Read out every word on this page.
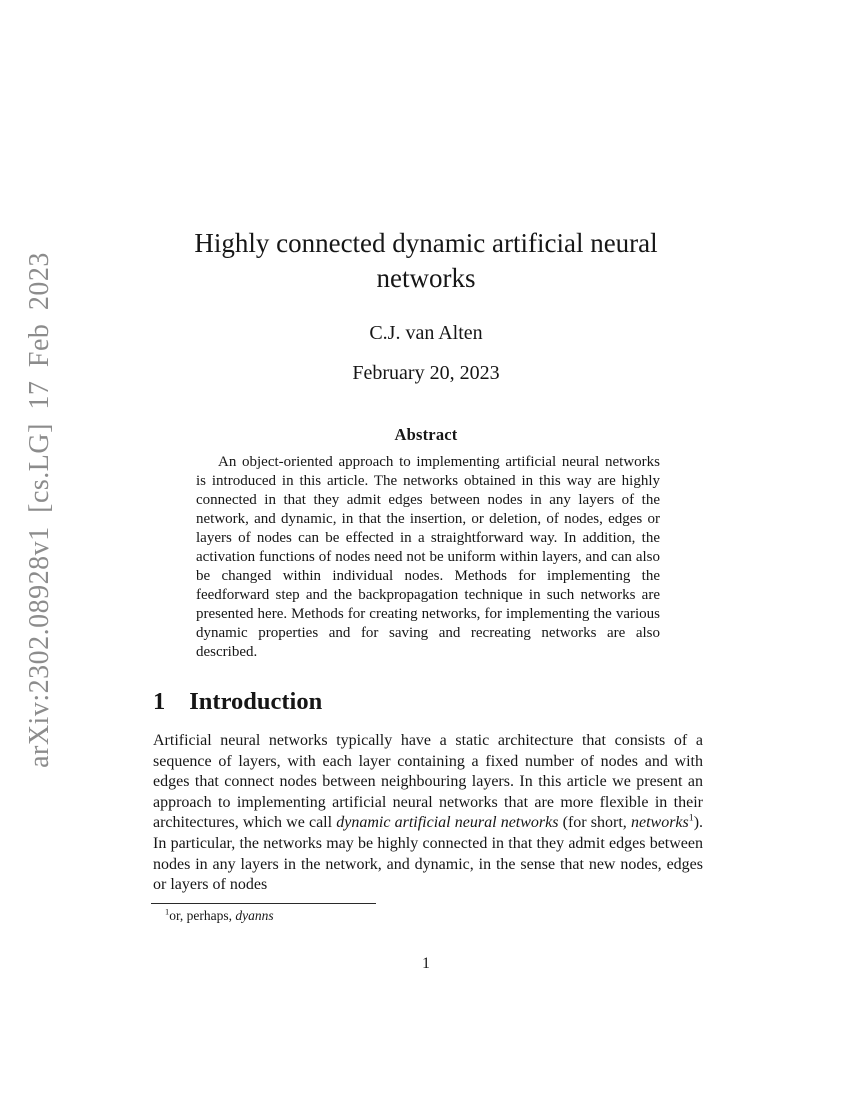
arXiv:2302.08928v1 [cs.LG] 17 Feb 2023
Highly connected dynamic artificial neural networks
C.J. van Alten
February 20, 2023
Abstract

An object-oriented approach to implementing artificial neural networks is introduced in this article. The networks obtained in this way are highly connected in that they admit edges between nodes in any layers of the network, and dynamic, in that the insertion, or deletion, of nodes, edges or layers of nodes can be effected in a straightforward way. In addition, the activation functions of nodes need not be uniform within layers, and can also be changed within individual nodes. Methods for implementing the feedforward step and the backpropagation technique in such networks are presented here. Methods for creating networks, for implementing the various dynamic properties and for saving and recreating networks are also described.

1 Introduction

Artificial neural networks typically have a static architecture that consists of a sequence of layers, with each layer containing a fixed number of nodes and with edges that connect nodes between neighbouring layers. In this article we present an approach to implementing artificial neural networks that are more flexible in their architectures, which we call dynamic artificial neural networks (for short, networks$^1$). In particular, the networks may be highly connected in that they admit edges between nodes in any layers in the network, and dynamic, in the sense that new nodes, edges or layers of nodes

$^1$or, perhaps, dyanns

1
